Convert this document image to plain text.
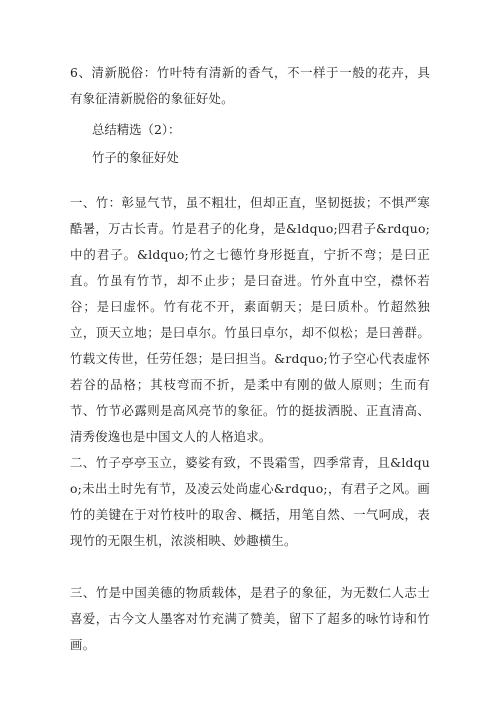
6、清新脱俗：竹叶特有清新的香气，不一样于一般的花卉，具有象征清新脱俗的象征好处。

总结精选（2）：

竹子的象征好处

一、竹：彰显气节，虽不粗壮，但却正直，坚韧挺拔；不惧严寒酷暑，万古长青。竹是君子的化身，是&ldquo;四君子&rdquo;中的君子。&ldquo;竹之七德竹身形挺直，宁折不弯；是曰正直。竹虽有竹节，却不止步；是曰奋进。竹外直中空，襟怀若谷；是曰虚怀。竹有花不开，素面朝天；是曰质朴。竹超然独立，顶天立地；是曰卓尔。竹虽曰卓尔，却不似松；是曰善群。竹载文传世，任劳任怨；是曰担当。&rdquo;竹子空心代表虚怀若谷的品格；其枝弯而不折，是柔中有刚的做人原则；生而有节、竹节必露则是高风亮节的象征。竹的挺拔洒脱、正直清高、清秀俊逸也是中国文人的人格追求。

二、竹子亭亭玉立，婆娑有致，不畏霜雪，四季常青，且&ldquo;未出土时先有节，及凌云处尚虚心&rdquo;，有君子之风。画竹的美键在于对竹枝叶的取舍、概括，用笔自然、一气呵成，表现竹的无限生机，浓淡相映、妙趣横生。

三、竹是中国美德的物质载体，是君子的象征，为无数仁人志士喜爱，古今文人墨客对竹充满了赞美，留下了超多的咏竹诗和竹画。
